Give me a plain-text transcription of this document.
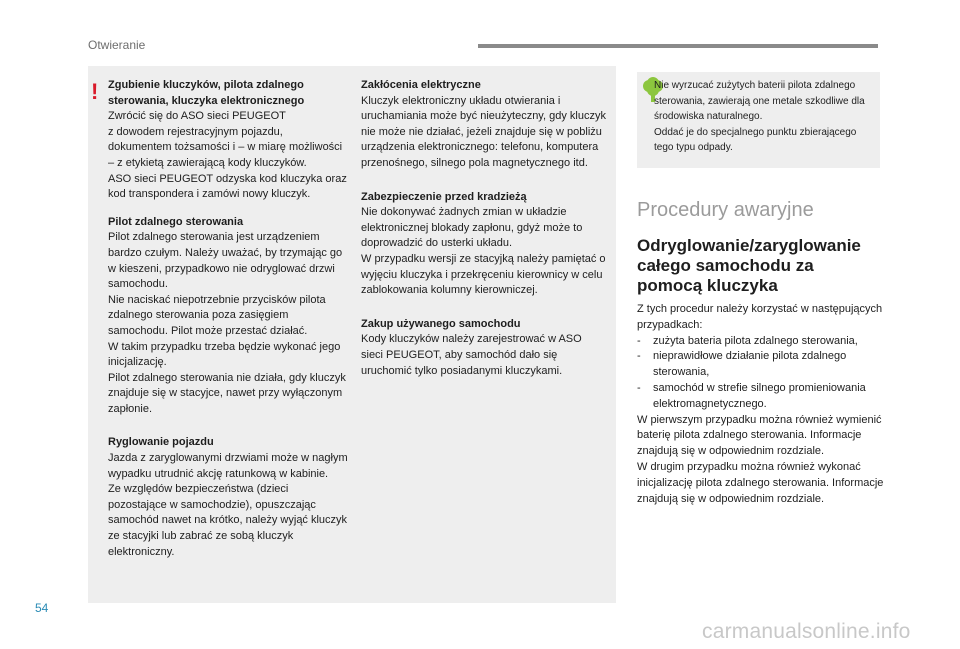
Otwieranie
! Zgubienie kluczyków, pilota zdalnego sterowania, kluczyka elektronicznego
Zwrócić się do ASO sieci PEUGEOT
z dowodem rejestracyjnym pojazdu, dokumentem tożsamości i – w miarę możliwości – z etykietą zawierającą kody kluczyków.
ASO sieci PEUGEOT odzyska kod kluczyka oraz kod transpondera i zamówi nowy kluczyk.
Pilot zdalnego sterowania
Pilot zdalnego sterowania jest urządzeniem bardzo czułym. Należy uważać, by trzymając go w kieszeni, przypadkowo nie odryglować drzwi samochodu.
Nie naciskać niepotrzebnie przycisków pilota zdalnego sterowania poza zasięgiem samochodu. Pilot może przestać działać.
W takim przypadku trzeba będzie wykonać jego inicjalizację.
Pilot zdalnego sterowania nie działa, gdy kluczyk znajduje się w stacyjce, nawet przy wyłączonym zapłonie.
Ryglowanie pojazdu
Jazda z zaryglowanymi drzwiami może w nagłym wypadku utrudnić akcję ratunkową w kabinie.
Ze względów bezpieczeństwa (dzieci pozostające w samochodzie), opuszczając samochód nawet na krótko, należy wyjąć kluczyk ze stacyjki lub zabrać ze sobą kluczyk elektroniczny.
Zakłócenia elektryczne
Kluczyk elektroniczny układu otwierania i uruchamiania może być nieużyteczny, gdy kluczyk nie może nie działać, jeżeli znajduje się w pobliżu urządzenia elektronicznego: telefonu, komputera przenośnego, silnego pola magnetycznego itd.
Zabezpieczenie przed kradzieżą
Nie dokonywać żadnych zmian w układzie elektronicznej blokady zapłonu, gdyż może to doprowadzić do usterki układu.
W przypadku wersji ze stacyjką należy pamiętać o wyjęciu kluczyka i przekręceniu kierownicy w celu zablokowania kolumny kierowniczej.
Zakup używanego samochodu
Kody kluczyków należy zarejestrować w ASO sieci PEUGEOT, aby samochód dało się uruchomić tylko posiadanymi kluczykami.
Nie wyrzucać zużytych baterii pilota zdalnego sterowania, zawierają one metale szkodliwe dla środowiska naturalnego.
Oddać je do specjalnego punktu zbierającego tego typu odpady.
Procedury awaryjne
Odryglowanie/zaryglowanie
całego samochodu za
pomocą kluczyka

Z tych procedur należy korzystać w następujących przypadkach:

- zużyta bateria pilota zdalnego sterowania,
- nieprawidłowe działanie pilota zdalnego sterowania,
- samochód w strefie silnego promieniowania elektromagnetycznego.

W pierwszym przypadku można również wymienić baterię pilota zdalnego sterowania. Informacje znajdują się w odpowiednim rozdziale.

W drugim przypadku można również wykonać inicjalizację pilota zdalnego sterowania. Informacje znajdują się w odpowiednim rozdziale.

54
carmanualsonline.info
